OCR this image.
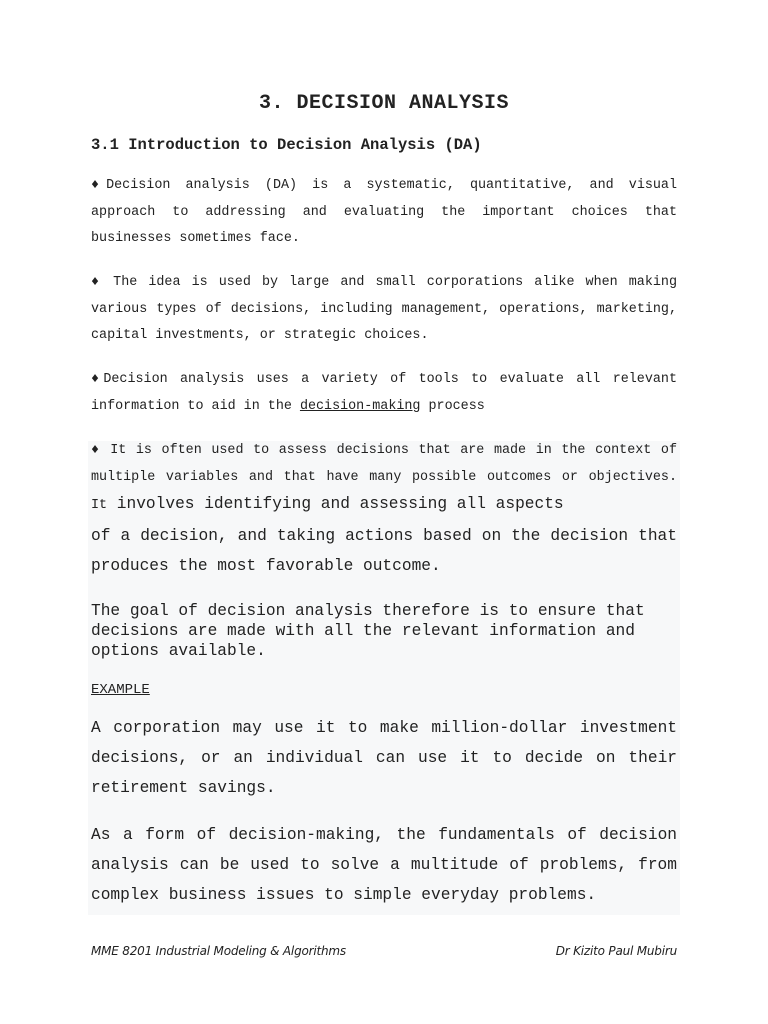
3. DECISION ANALYSIS
3.1 Introduction to Decision Analysis (DA)

♦Decision analysis (DA) is a systematic, quantitative, and visual approach to addressing and evaluating the important choices that businesses sometimes face.

♦ The idea is used by large and small corporations alike when making various types of decisions, including management, operations, marketing, capital investments, or strategic choices.

♦Decision analysis uses a variety of tools to evaluate all relevant information to aid in the decision-making process

♦ It is often used to assess decisions that are made in the context of multiple variables and that have many possible outcomes or objectives. It involves identifying and assessing all aspects

of a decision, and taking actions based on the decision that produces the most favorable outcome.

The goal of decision analysis therefore is to ensure that decisions are made with all the relevant information and options available.

EXAMPLE

A corporation may use it to make million-dollar investment decisions, or an individual can use it to decide on their retirement savings.

As a form of decision-making, the fundamentals of decision analysis can be used to solve a multitude of problems, from complex business issues to simple everyday problems.

MME 8201 Industrial Modeling & Algorithms	Dr Kizito Paul Mubiru
